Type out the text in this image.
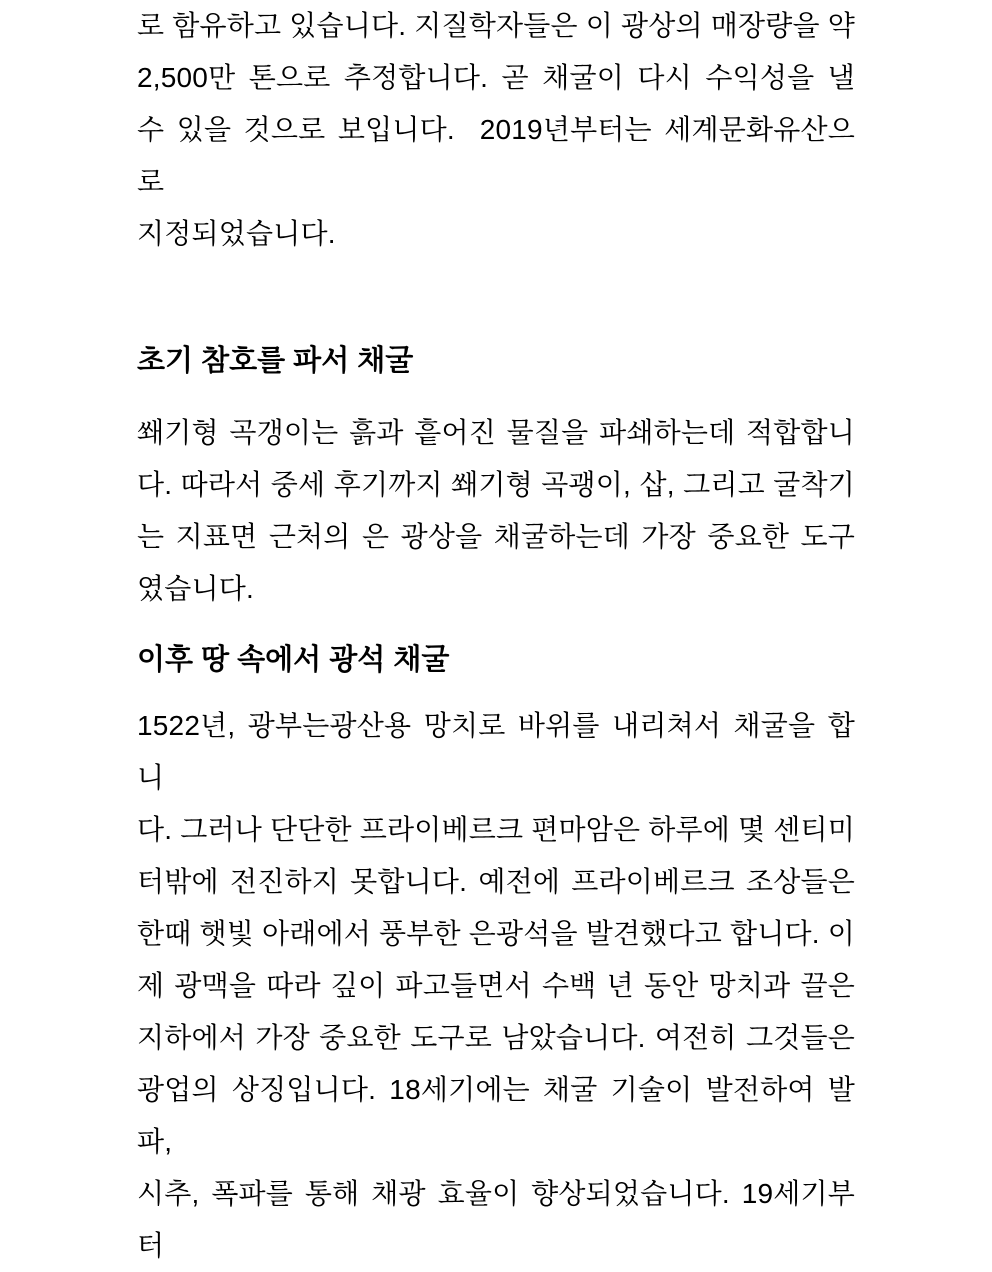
로 함유하고 있습니다. 지질학자들은 이 광상의 매장량을 약
2,500만 톤으로 추정합니다. 곧 채굴이 다시 수익성을 낼
수 있을 것으로 보입니다.  2019년부터는 세계문화유산으로
지정되었습니다.
초기 참호를 파서 채굴
쐐기형 곡갱이는 흙과 흩어진 물질을 파쇄하는데 적합합니
다. 따라서 중세 후기까지 쐐기형 곡괭이, 삽, 그리고 굴착기
는 지표면 근처의 은 광상을 채굴하는데 가장 중요한 도구
였습니다.
이후 땅 속에서 광석 채굴
1522년, 광부는광산용 망치로 바위를 내리쳐서 채굴을 합니
다. 그러나 단단한 프라이베르크 편마암은 하루에 몇 센티미
터밖에 전진하지 못합니다. 예전에 프라이베르크 조상들은
한때 햇빛 아래에서 풍부한 은광석을 발견했다고 합니다. 이
제 광맥을 따라 깊이 파고들면서 수백 년 동안 망치과 끌은
지하에서 가장 중요한 도구로 남았습니다. 여전히 그것들은
광업의 상징입니다. 18세기에는 채굴 기술이 발전하여 발파,
시추, 폭파를 통해 채광 효율이 향상되었습니다. 19세기부터
